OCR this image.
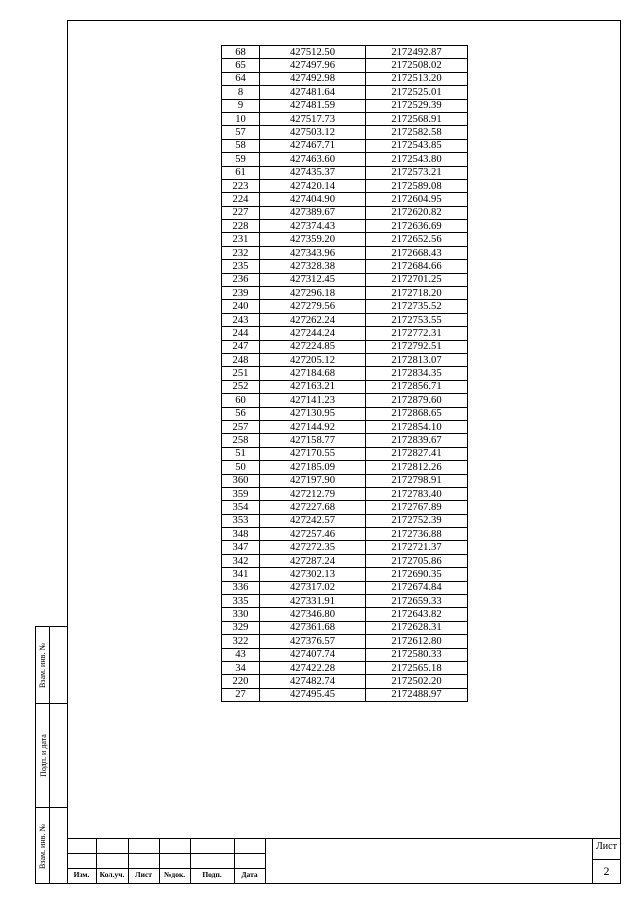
Взам. инв. №
Подп. и дата
Взам. инв. №
68	427512.50	2172492.87
65	427497.96	2172508.02
64	427492.98	2172513.20
8	427481.64	2172525.01
9	427481.59	2172529.39
10	427517.73	2172568.91
57	427503.12	2172582.58
58	427467.71	2172543.85
59	427463.60	2172543.80
61	427435.37	2172573.21
223	427420.14	2172589.08
224	427404.90	2172604.95
227	427389.67	2172620.82
228	427374.43	2172636.69
231	427359.20	2172652.56
232	427343.96	2172668.43
235	427328.38	2172684.66
236	427312.45	2172701.25
239	427296.18	2172718.20
240	427279.56	2172735.52
243	427262.24	2172753.55
244	427244.24	2172772.31
247	427224.85	2172792.51
248	427205.12	2172813.07
251	427184.68	2172834.35
252	427163.21	2172856.71
60	427141.23	2172879.60
56	427130.95	2172868.65
257	427144.92	2172854.10
258	427158.77	2172839.67
51	427170.55	2172827.41
50	427185.09	2172812.26
360	427197.90	2172798.91
359	427212.79	2172783.40
354	427227.68	2172767.89
353	427242.57	2172752.39
348	427257.46	2172736.88
347	427272.35	2172721.37
342	427287.24	2172705.86
341	427302.13	2172690.35
336	427317.02	2172674.84
335	427331.91	2172659.33
330	427346.80	2172643.82
329	427361.68	2172628.31
322	427376.57	2172612.80
43	427407.74	2172580.33
34	427422.28	2172565.18
220	427482.74	2172502.20
27	427495.45	2172488.97
Изм.	Кол.уч.	Лист	№док.	Подп.	Дата
Лист
2
